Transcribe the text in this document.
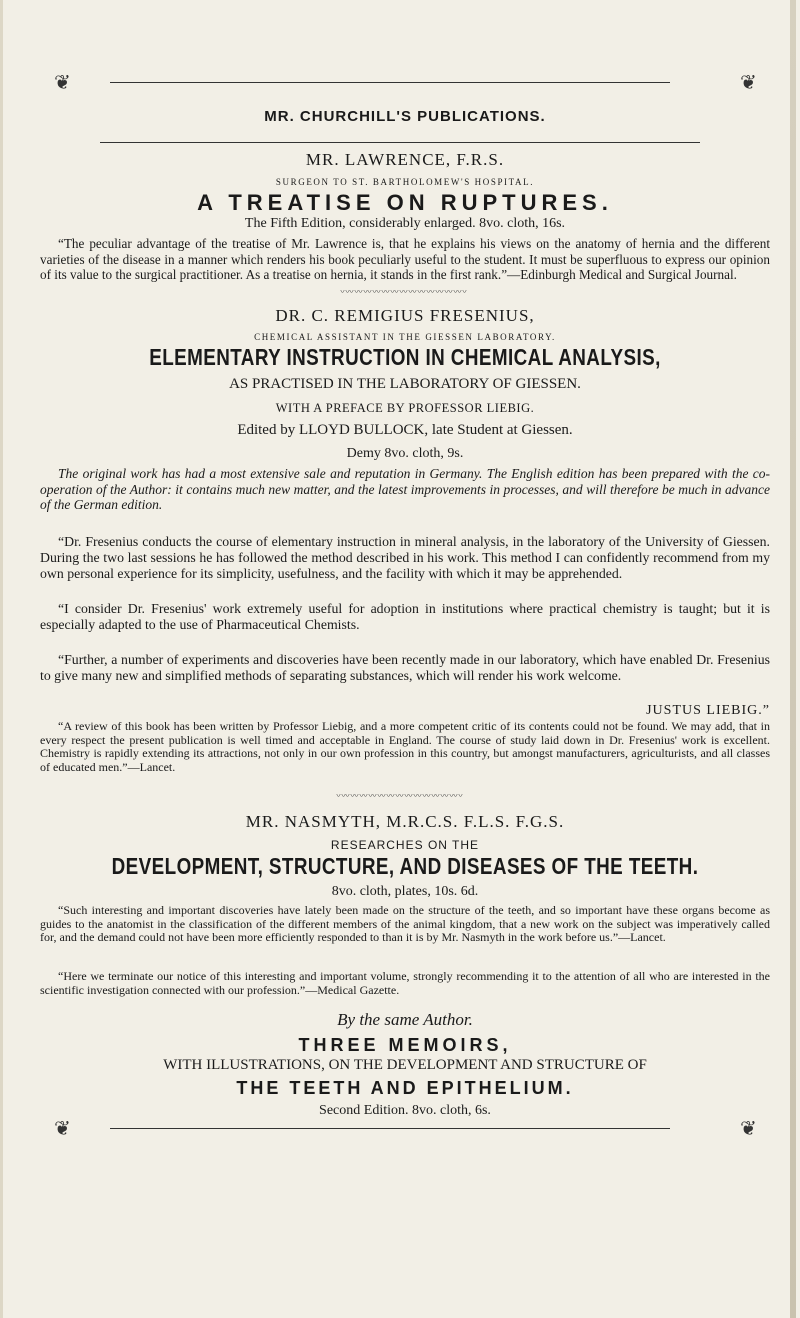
❦	❦
MR. CHURCHILL'S PUBLICATIONS.
MR. LAWRENCE, F.R.S.
SURGEON TO ST. BARTHOLOMEW'S HOSPITAL.
A TREATISE ON RUPTURES.
The Fifth Edition, considerably enlarged. 8vo. cloth, 16s.

“The peculiar advantage of the treatise of Mr. Lawrence is, that he explains his views on the anatomy of hernia and the different varieties of the disease in a manner which renders his book peculiarly useful to the student. It must be superfluous to express our opinion of its value to the surgical practitioner. As a treatise on hernia, it stands in the first rank.”—Edinburgh Medical and Surgical Journal.

〰〰〰〰〰〰〰〰〰〰〰〰〰〰
DR. C. REMIGIUS FRESENIUS,
CHEMICAL ASSISTANT IN THE GIESSEN LABORATORY.
ELEMENTARY INSTRUCTION IN CHEMICAL ANALYSIS,
AS PRACTISED IN THE LABORATORY OF GIESSEN.
WITH A PREFACE BY PROFESSOR LIEBIG.
Edited by LLOYD BULLOCK, late Student at Giessen.
Demy 8vo. cloth, 9s.

The original work has had a most extensive sale and reputation in Germany. The English edition has been prepared with the co-operation of the Author: it contains much new matter, and the latest improvements in processes, and will therefore be much in advance of the German edition.

“Dr. Fresenius conducts the course of elementary instruction in mineral analysis, in the laboratory of the University of Giessen. During the two last sessions he has followed the method described in his work. This method I can confidently recommend from my own personal experience for its simplicity, usefulness, and the facility with which it may be apprehended.

“I consider Dr. Fresenius' work extremely useful for adoption in institutions where practical chemistry is taught; but it is especially adapted to the use of Pharmaceutical Chemists.

“Further, a number of experiments and discoveries have been recently made in our laboratory, which have enabled Dr. Fresenius to give many new and simplified methods of separating substances, which will render his work welcome.

JUSTUS LIEBIG.”

“A review of this book has been written by Professor Liebig, and a more competent critic of its contents could not be found. We may add, that in every respect the present publication is well timed and acceptable in England. The course of study laid down in Dr. Fresenius' work is excellent. Chemistry is rapidly extending its attractions, not only in our own profession in this country, but amongst manufacturers, agriculturists, and all classes of educated men.”—Lancet.

〰〰〰〰〰〰〰〰〰〰〰〰〰〰
MR. NASMYTH, M.R.C.S. F.L.S. F.G.S.
RESEARCHES ON THE
DEVELOPMENT, STRUCTURE, AND DISEASES OF THE TEETH.
8vo. cloth, plates, 10s. 6d.

“Such interesting and important discoveries have lately been made on the structure of the teeth, and so important have these organs become as guides to the anatomist in the classification of the different members of the animal kingdom, that a new work on the subject was imperatively called for, and the demand could not have been more efficiently responded to than it is by Mr. Nasmyth in the work before us.”—Lancet.

“Here we terminate our notice of this interesting and important volume, strongly recommending it to the attention of all who are interested in the scientific investigation connected with our profession.”—Medical Gazette.

By the same Author.
THREE MEMOIRS,
WITH ILLUSTRATIONS, ON THE DEVELOPMENT AND STRUCTURE OF
THE TEETH AND EPITHELIUM.
Second Edition. 8vo. cloth, 6s.
❦	❦
